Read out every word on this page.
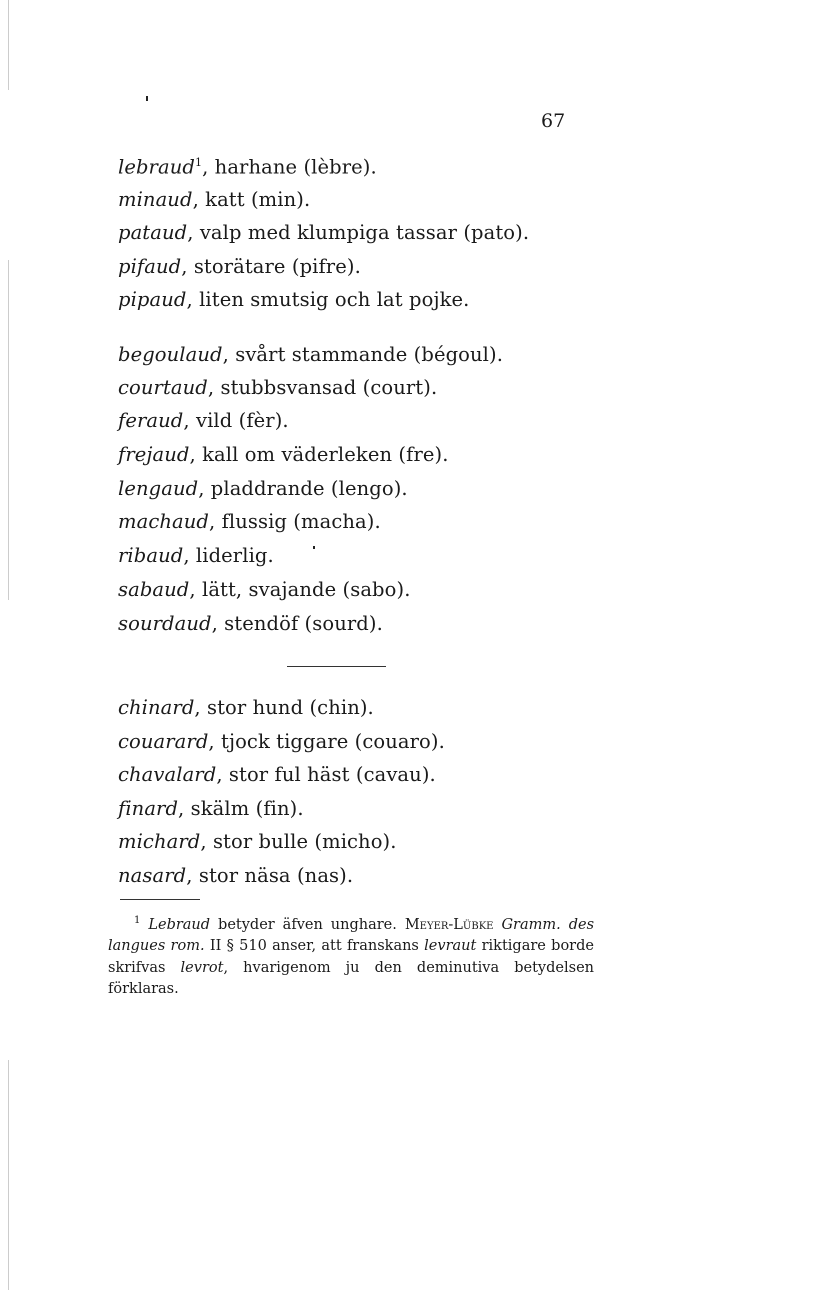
67
lebraud$^1$, harhane (lèbre).
minaud, katt (min).
pataud, valp med klumpiga tassar (pato).
pifaud, storätare (pifre).
pipaud, liten smutsig och lat pojke.
begoulaud, svårt stammande (bégoul).
courtaud, stubbsvansad (court).
feraud, vild (fèr).
frejaud, kall om väderleken (fre).
lengaud, pladdrande (lengo).
machaud, flussig (macha).
ribaud, liderlig.
sabaud, lätt, svajande (sabo).
sourdaud, stendöf (sourd).
chinard, stor hund (chin).
couarard, tjock tiggare (couaro).
chavalard, stor ful häst (cavau).
finard, skälm (fin).
michard, stor bulle (micho).
nasard, stor näsa (nas).
$^1$ Lebraud betyder äfven unghare. Meyer-Lübke Gramm. des langues rom. II § 510 anser, att franskans levraut riktigare borde skrifvas levrot, hvarigenom ju den deminutiva betydelsen förklaras.
